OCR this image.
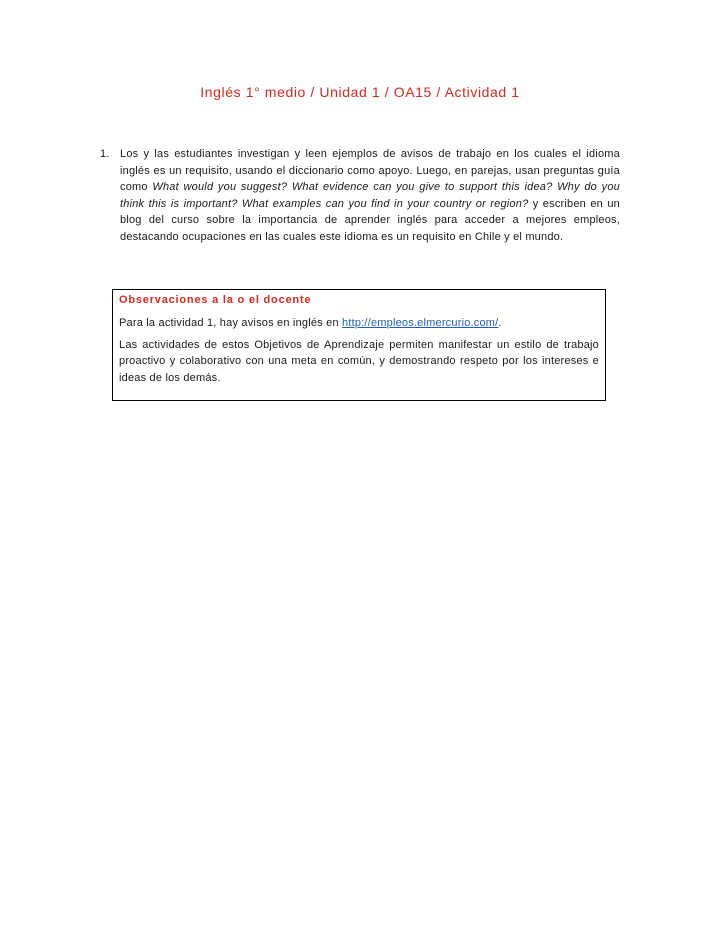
Inglés 1° medio / Unidad 1 / OA15 / Actividad 1
1. Los y las estudiantes investigan y leen ejemplos de avisos de trabajo en los cuales el idioma inglés es un requisito, usando el diccionario como apoyo. Luego, en parejas, usan preguntas guía como What would you suggest? What evidence can you give to support this idea? Why do you think this is important? What examples can you find in your country or region? y escriben en un blog del curso sobre la importancia de aprender inglés para acceder a mejores empleos, destacando ocupaciones en las cuales este idioma es un requisito en Chile y el mundo.

Observaciones a la o el docente

Para la actividad 1, hay avisos en inglés en http://empleos.elmercurio.com/.

Las actividades de estos Objetivos de Aprendizaje permiten manifestar un estilo de trabajo proactivo y colaborativo con una meta en común, y demostrando respeto por los intereses e ideas de los demás.
